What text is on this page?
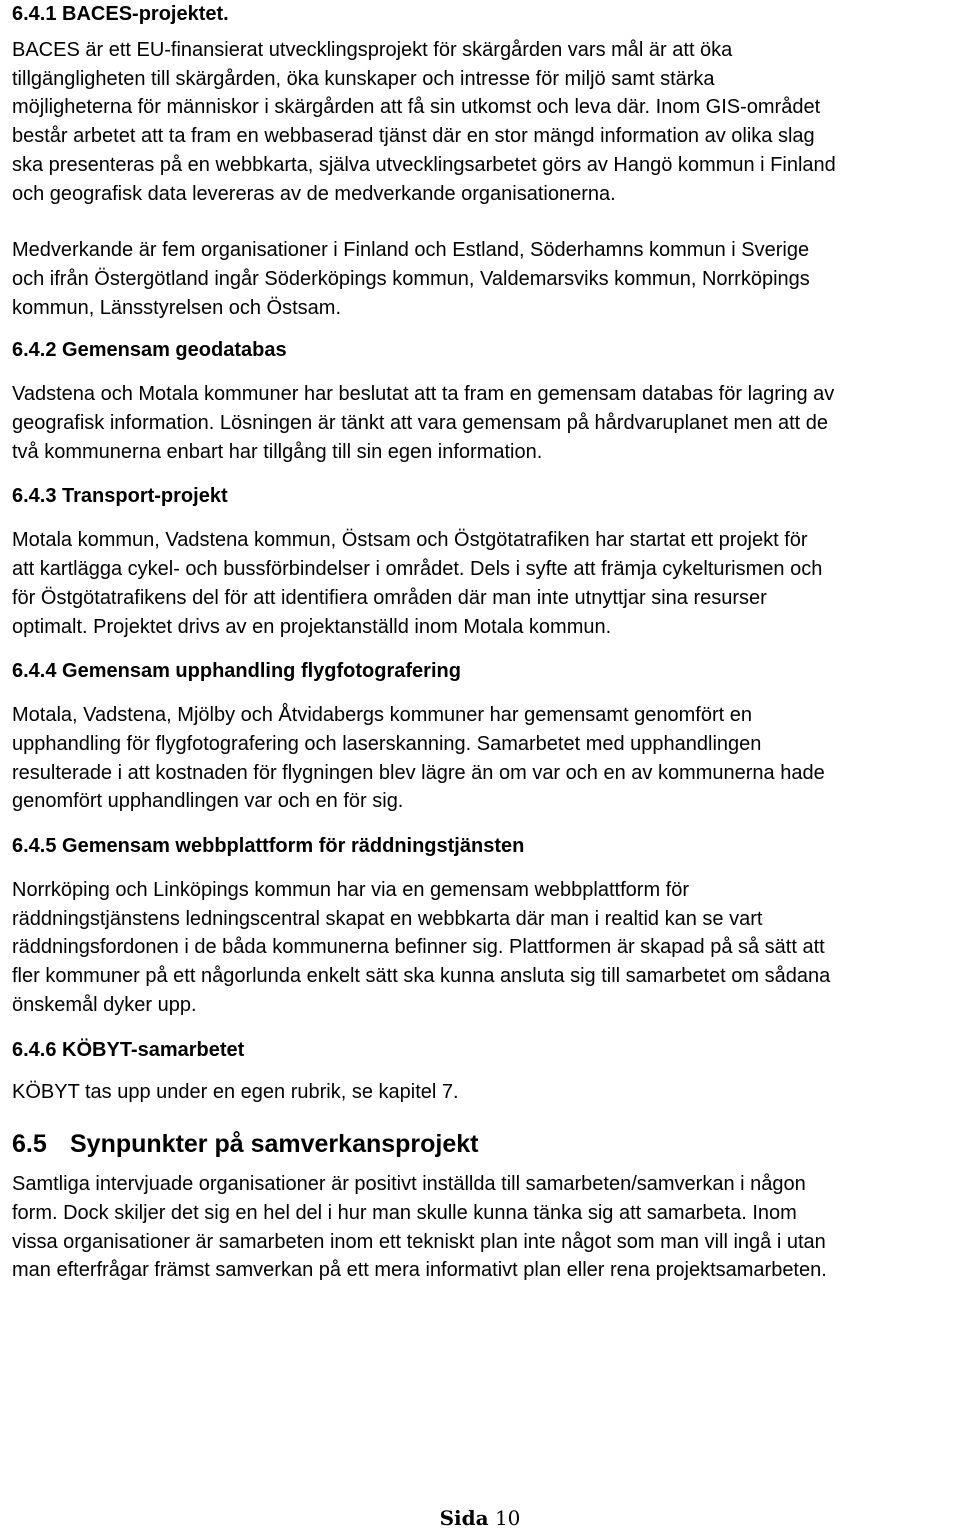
6.4.1 BACES-projektet.

BACES är ett EU-finansierat utvecklingsprojekt för skärgården vars mål är att öka
tillgängligheten till skärgården, öka kunskaper och intresse för miljö samt stärka
möjligheterna för människor i skärgården att få sin utkomst och leva där. Inom GIS-området
består arbetet att ta fram en webbaserad tjänst där en stor mängd information av olika slag
ska presenteras på en webbkarta, själva utvecklingsarbetet görs av Hangö kommun i Finland
och geografisk data levereras av de medverkande organisationerna.

Medverkande är fem organisationer i Finland och Estland, Söderhamns kommun i Sverige
och ifrån Östergötland ingår Söderköpings kommun, Valdemarsviks kommun, Norrköpings
kommun, Länsstyrelsen och Östsam.

6.4.2 Gemensam geodatabas

Vadstena och Motala kommuner har beslutat att ta fram en gemensam databas för lagring av
geografisk information. Lösningen är tänkt att vara gemensam på hårdvaruplanet men att de
två kommunerna enbart har tillgång till sin egen information.

6.4.3 Transport-projekt

Motala kommun, Vadstena kommun, Östsam och Östgötatrafiken har startat ett projekt för
att kartlägga cykel- och bussförbindelser i området. Dels i syfte att främja cykelturismen och
för Östgötatrafikens del för att identifiera områden där man inte utnyttjar sina resurser
optimalt. Projektet drivs av en projektanställd inom Motala kommun.

6.4.4 Gemensam upphandling flygfotografering

Motala, Vadstena, Mjölby och Åtvidabergs kommuner har gemensamt genomfört en
upphandling för flygfotografering och laserskanning. Samarbetet med upphandlingen
resulterade i att kostnaden för flygningen blev lägre än om var och en av kommunerna hade
genomfört upphandlingen var och en för sig.

6.4.5 Gemensam webbplattform för räddningstjänsten

Norrköping och Linköpings kommun har via en gemensam webbplattform för
räddningstjänstens ledningscentral skapat en webbkarta där man i realtid kan se vart
räddningsfordonen i de båda kommunerna befinner sig. Plattformen är skapad på så sätt att
fler kommuner på ett någorlunda enkelt sätt ska kunna ansluta sig till samarbetet om sådana
önskemål dyker upp.

6.4.6 KÖBYT-samarbetet

KÖBYT tas upp under en egen rubrik, se kapitel 7.

6.5 Synpunkter på samverkansprojekt

Samtliga intervjuade organisationer är positivt inställda till samarbeten/samverkan i någon
form. Dock skiljer det sig en hel del i hur man skulle kunna tänka sig att samarbeta. Inom
vissa organisationer är samarbeten inom ett tekniskt plan inte något som man vill ingå i utan
man efterfrågar främst samverkan på ett mera informativt plan eller rena projektsamarbeten.

Sida 10
